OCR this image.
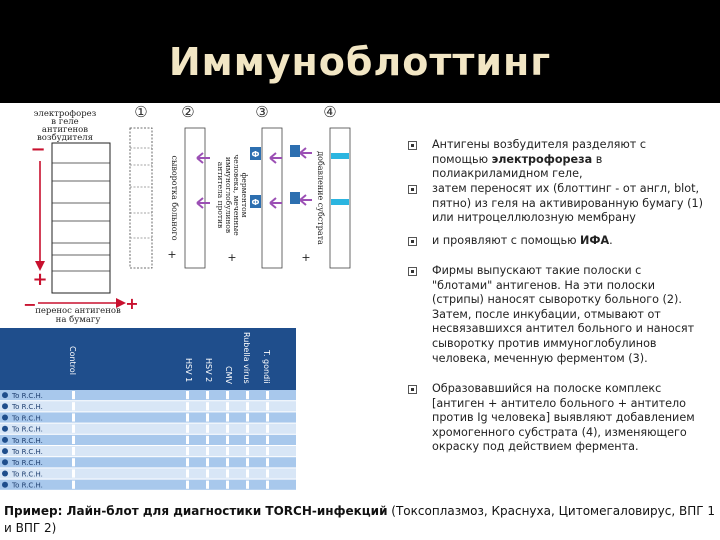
Иммуноблоттинг
① ②	③	④
электрофорез
в геле
антигенов
возбудителя
−
+
−	+
перенос антигенов
на бумагу
сыворотка больного
+
антитела против иммуноглобулинов человека, меченные ферментом
+
Ф
Ф	добавление субстрата
+
Control	HSV 1 HSV 2 CMV Rubella virus T. gondii
To R.C.H.
To R.C.H.
To R.C.H.
To R.C.H.
To R.C.H.
To R.C.H.
To R.C.H.
To R.C.H.
To R.C.H.
Антигены возбудителя разделяют с помощью электрофореза в полиакриламидном геле,
затем переносят их (блоттинг - от англ, blot, пятно) из геля на активированную бумагу (1) или нитроцеллюлозную мембрану
и проявляют с помощью ИФА.
Фирмы выпускают такие полоски с "блотами" антигенов. На эти полоски (стрипы) наносят сыворотку больного (2). Затем, после инкубации, отмывают от несвязавшихся антител больного и наносят сыворотку против иммуноглобулинов человека, меченную ферментом (3).
Образовавшийся на полоске комплекс [антиген + антитело больного + антитело против Ig человека] выявляют добавлением хромогенного субстрата (4), изменяющего окраску под действием фермента.
Пример: Лайн-блот для диагностики TORCH-инфекций (Токсоплазмоз, Краснуха, Цитомегаловирус, ВПГ 1 и ВПГ 2)
